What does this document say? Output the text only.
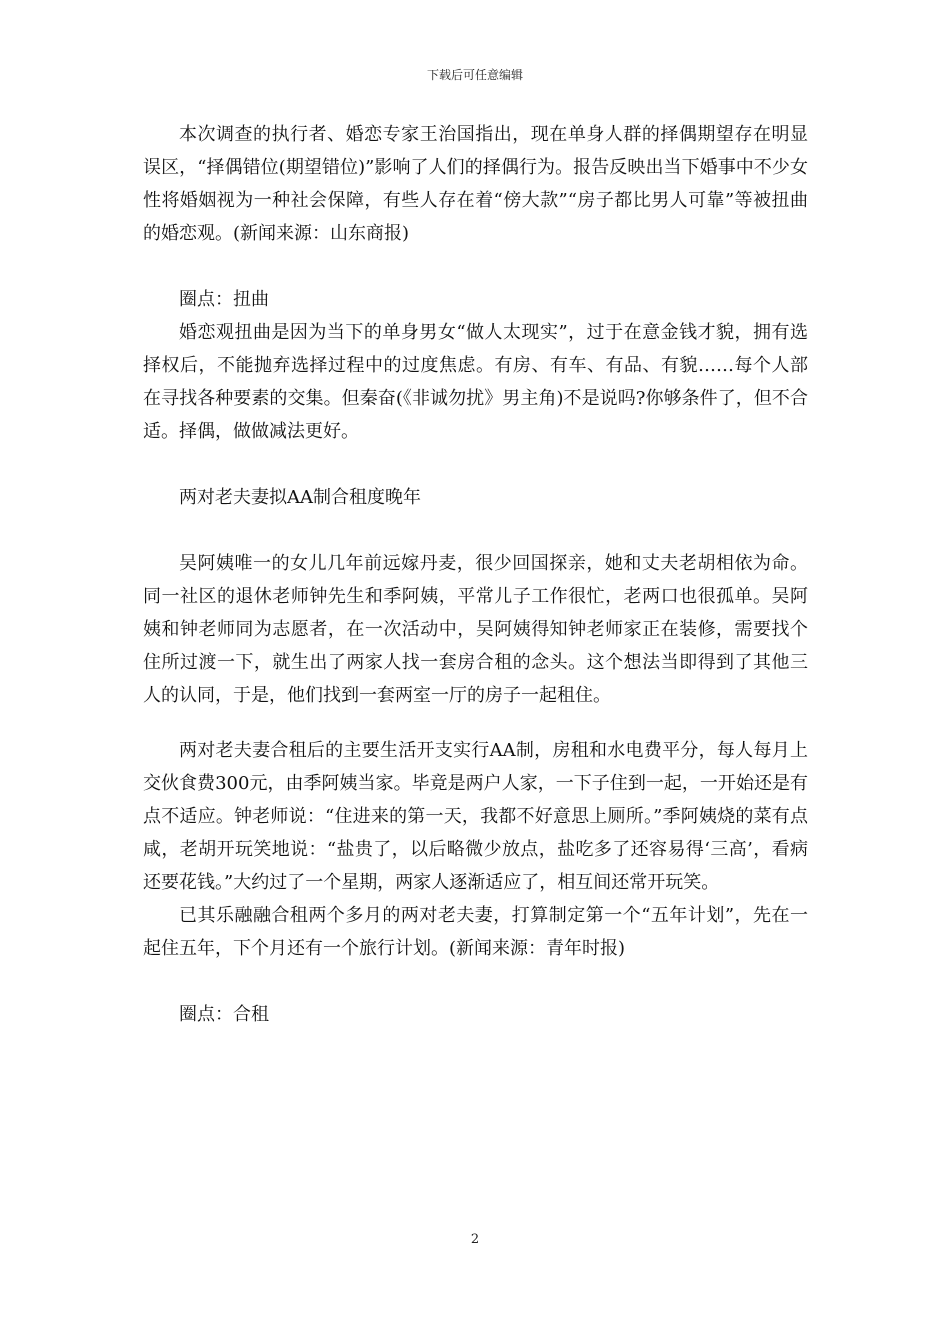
下载后可任意编辑

本次调查的执行者、婚恋专家王治国指出，现在单身人群的择偶期望存在明显误区，“择偶错位(期望错位)”影响了人们的择偶行为。报告反映出当下婚事中不少女性将婚姻视为一种社会保障，有些人存在着“傍大款”“房子都比男人可靠”等被扭曲的婚恋观。(新闻来源：山东商报)

圈点：扭曲

婚恋观扭曲是因为当下的单身男女“做人太现实”，过于在意金钱才貌，拥有选择权后，不能抛弃选择过程中的过度焦虑。有房、有车、有品、有貌……每个人部在寻找各种要素的交集。但秦奋(《非诚勿扰》男主角)不是说吗?你够条件了，但不合适。择偶，做做减法更好。

两对老夫妻拟AA制合租度晚年

吴阿姨唯一的女儿几年前远嫁丹麦，很少回国探亲，她和丈夫老胡相依为命。同一社区的退休老师钟先生和季阿姨，平常儿子工作很忙，老两口也很孤单。吴阿姨和钟老师同为志愿者，在一次活动中，吴阿姨得知钟老师家正在装修，需要找个住所过渡一下，就生出了两家人找一套房合租的念头。这个想法当即得到了其他三人的认同，于是，他们找到一套两室一厅的房子一起租住。

两对老夫妻合租后的主要生活开支实行AA制，房租和水电费平分，每人每月上交伙食费300元，由季阿姨当家。毕竟是两户人家，一下子住到一起，一开始还是有点不适应。钟老师说：“住进来的第一天，我都不好意思上厕所。”季阿姨烧的菜有点咸，老胡开玩笑地说：“盐贵了，以后略微少放点，盐吃多了还容易得‘三高’，看病还要花钱。”大约过了一个星期，两家人逐渐适应了，相互间还常开玩笑。

已其乐融融合租两个多月的两对老夫妻，打算制定第一个“五年计划”，先在一起住五年，下个月还有一个旅行计划。(新闻来源：青年时报)

圈点：合租

2
